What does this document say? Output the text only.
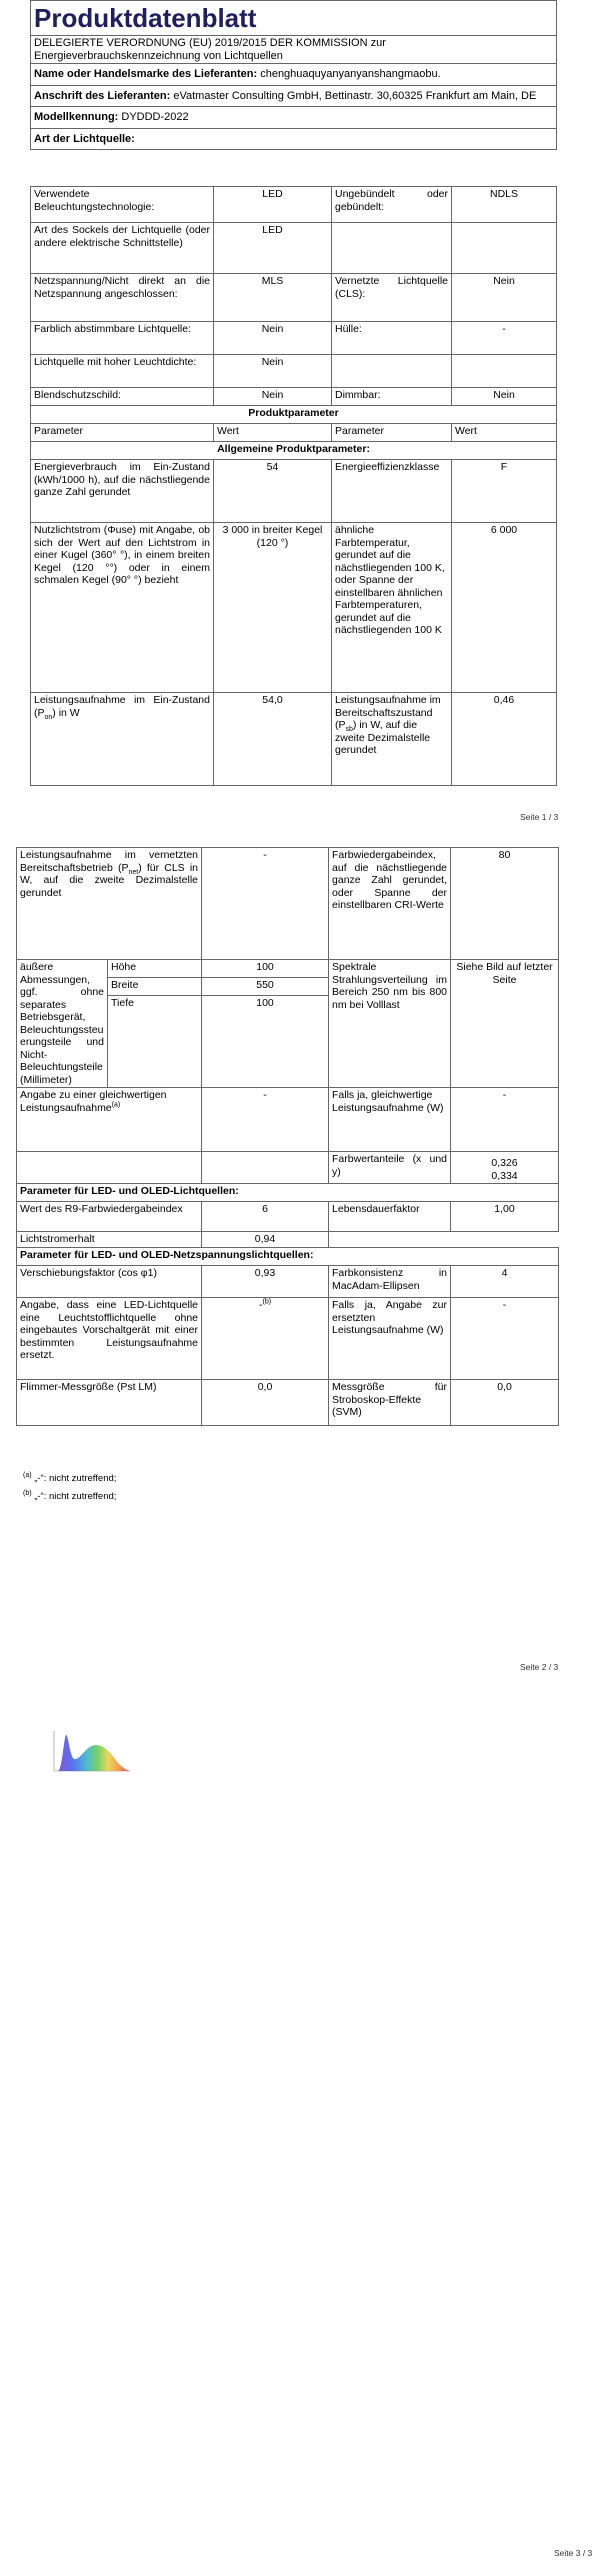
Produktdatenblatt
DELEGIERTE VERORDNUNG (EU) 2019/2015 DER KOMMISSION zur Energieverbrauchskennzeichnung von Lichtquellen
Name oder Handelsmarke des Lieferanten: chenghuaquyanyanyanshangmaobu.
Anschrift des Lieferanten: eVatmaster Consulting GmbH, Bettinastr. 30,60325 Frankfurt am Main, DE
Modellkennung: DYDDD-2022
Art der Lichtquelle:
Verwendete Beleuchtungstechnologie:	LED	Ungebündelt oder gebündelt:	NDLS
Art des Sockels der Lichtquelle (oder andere elektrische Schnittstelle)	LED		
Netzspannung/Nicht direkt an die Netzspannung angeschlossen:	MLS	Vernetzte Lichtquelle (CLS):	Nein
Farblich abstimmbare Lichtquelle:	Nein	Hülle:	-
Lichtquelle mit hoher Leuchtdichte:	Nein		
Blendschutzschild:	Nein	Dimmbar:	Nein
Produktparameter			
Parameter	Wert	Parameter	Wert
Allgemeine Produktparameter:			
Energieverbrauch im Ein-Zustand (kWh/1000 h), auf die nächstliegende ganze Zahl gerundet	54	Energieeffizienzklasse	F
Nutzlichtstrom (Φuse) mit Angabe, ob sich der Wert auf den Lichtstrom in einer Kugel (360° °), in einem breiten Kegel (120 °°) oder in einem schmalen Kegel (90° °) bezieht	3 000 in breiter Kegel (120 °)	ähnliche Farbtemperatur, gerundet auf die nächstliegenden 100 K, oder Spanne der einstellbaren ähnlichen Farbtemperaturen, gerundet auf die nächstliegenden 100 K	6 000
Leistungsaufnahme im Ein-Zustand $(P_{on})$ in W	54,0	Leistungsaufnahme im Bereitschaftszustand $(P_{sb})$ in W, auf die zweite Dezimalstelle gerundet	0,46
Seite 1 / 3
Leistungsaufnahme im vernetzten Bereitschaftsbetrieb $(P_{net})$ für CLS in W, auf die zweite Dezimalstelle gerundet		-	Farbwiedergabeindex, auf die nächstliegende ganze Zahl gerundet, oder Spanne der einstellbaren CRI-Werte	80
äußere Abmessungen, ggf. ohne separates Betriebsgerät, Beleuchtungssteuerungsteile und Nicht-Beleuchtungsteile (Millimeter)	Höhe	100	Spektrale Strahlungsverteilung im Bereich 250 nm bis 800 nm bei Volllast	Siehe Bild auf letzter Seite
	Breite	550		
	Tiefe	100		
Angabe zu einer gleichwertigen Leistungsaufnahme$^{(a)}$		-	Falls ja, gleichwertige Leistungsaufnahme (W)	-
			Farbwertanteile (x und y)	0,326
0,334

Parameter für LED- und OLED-Lichtquellen:				
Wert des R9-Farbwiedergabeindex		6	Lebensdauerfaktor	1,00
Lichtstromerhalt		0,94		
Parameter für LED- und OLED-Netzspannungslichtquellen:				
Verschiebungsfaktor (cos φ1)		0,93	Farbkonsistenz in MacAdam-Ellipsen	4
Angabe, dass eine LED-Lichtquelle eine Leuchtstofflichtquelle ohne eingebautes Vorschaltgerät mit einer bestimmten Leistungsaufnahme ersetzt.		-$^{(b)}$	Falls ja, Angabe zur ersetzten Leistungsaufnahme (W)	-
Flimmer-Messgröße (Pst LM)		0,0	Messgröße für Stroboskop-Effekte (SVM)	0,0
$^{(a)}$ „-“: nicht zutreffend;
$^{(b)}$ „-“: nicht zutreffend;
Seite 2 / 3
Seite 3 / 3
